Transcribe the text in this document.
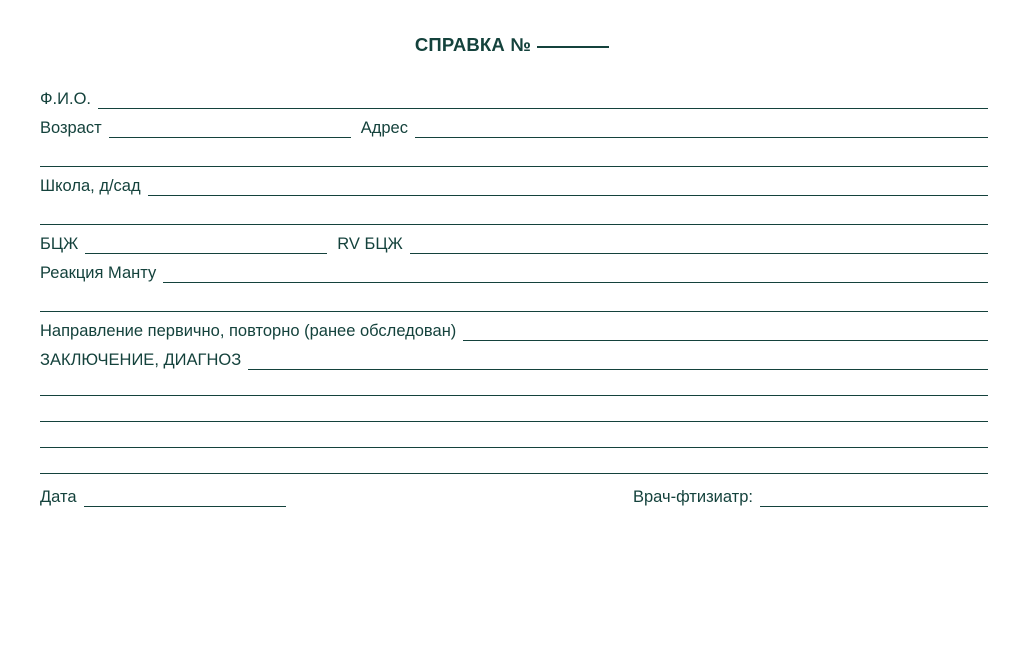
СПРАВКА №
Ф.И.О.
Возраст	Адрес
Школа, д/сад
БЦЖ	RV БЦЖ
Реакция Манту
Направление первично, повторно (ранее обследован)
ЗАКЛЮЧЕНИЕ, ДИАГНОЗ
Дата	Врач-фтизиатр:
